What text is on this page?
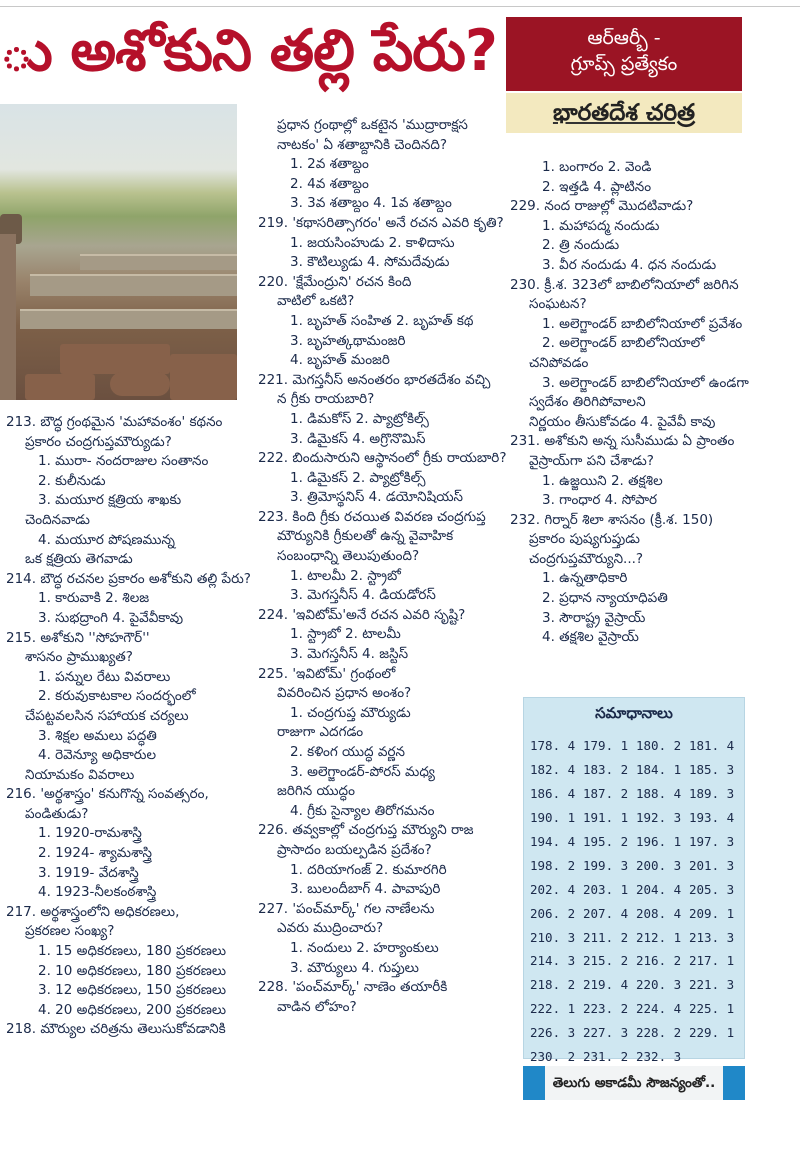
ు అశోకుని తల్లి పేరు?	ఆర్ఆర్బీ -
గ్రూప్స్ ప్రత్యేకం
భారతదేశ చరిత్ర
213. బౌద్ధ గ్రంథమైన 'మహావంశం' కథనం
ప్రకారం చంద్రగుప్తమౌర్యుడు?
1. మురా- నందరాజుల సంతానం
2. కులీనుడు
3. మయూర క్షత్రియ శాఖకు
చెందినవాడు
4. మయూర పోషణమున్న
ఒక క్షత్రియ తెగవాడు
214. బౌద్ధ రచనల ప్రకారం అశోకుని తల్లి పేరు?
1. కారువాకి 2. శిలజ
3. సుభద్రాంగి 4. పైవేవీకావు
215. అశోకుని ''సోహగౌర్''
శాసనం ప్రాముఖ్యత?
1. పన్నుల రేటు వివరాలు
2. కరువుకాటకాల సందర్భంలో
చేపట్టవలసిన సహాయక చర్యలు
3. శిక్షల అమలు పద్ధతి
4. రెవెన్యూ అధికారుల
నియామకం వివరాలు
216. 'అర్థశాస్త్రం' కనుగొన్న సంవత్సరం,
పండితుడు?
1. 1920-రామశాస్త్రి
2. 1924- శ్యామశాస్త్రి
3. 1919- వేదశాస్త్రి
4. 1923-నీలకంఠశాస్త్రి
217. అర్థశాస్త్రంలోని అధికరణలు,
ప్రకరణల సంఖ్య?
1. 15 అధికరణలు, 180 ప్రకరణలు
2. 10 అధికరణలు, 180 ప్రకరణలు
3. 12 అధికరణలు, 150 ప్రకరణలు
4. 20 అధికరణలు, 200 ప్రకరణలు
218. మౌర్యుల చరిత్రను తెలుసుకోవడానికి
ప్రధాన గ్రంథాల్లో ఒకటైన 'ముద్రారాక్షస
నాటకం' ఏ శతాబ్దానికి చెందినది?
1. 2వ శతాబ్దం
2. 4వ శతాబ్దం
3. 3వ శతాబ్దం 4. 1వ శతాబ్దం
219. 'కథాసరిత్సాగరం' అనే రచన ఎవరి కృతి?
1. జయసింహుడు 2. కాళిదాసు
3. కౌటిల్యుడు 4. సోమదేవుడు
220. 'క్షేమేంద్రుని' రచన కింది
వాటిలో ఒకటి?
1. బృహత్ సంహిత 2. బృహత్ కథ
3. బృహత్కథామంజరి
4. బృహత్ మంజరి
221. మెగస్తనీస్ అనంతరం భారతదేశం వచ్చి
న గ్రీకు రాయబారి?
1. డిమకోస్ 2. ప్యాట్రోకిల్స్
3. డిమైకస్ 4. అగ్రొనొమిస్
222. బిందుసారుని ఆస్థానంలో గ్రీకు రాయబారి?
1. డిమైకస్ 2. ప్యాట్రోకిల్స్
3. త్రిమోస్థనిస్ 4. డయోనిషియస్
223. కింది గ్రీకు రచయిత వివరణ చంద్రగుప్త
మౌర్యునికి గ్రీకులతో ఉన్న వైవాహిక
సంబంధాన్ని తెలుపుతుంది?
1. టాలమీ 2. స్ట్రాబో
3. మెగస్తనీస్ 4. డియడోరస్
224. 'ఇవిటోమ్'అనే రచన ఎవరి సృష్టి?
1. స్ట్రాబో 2. టాలమీ
3. మెగస్తనీస్ 4. జస్టిస్
225. 'ఇవిటోమ్' గ్రంథంలో
వివరించిన ప్రధాన అంశం?
1. చంద్రగుప్త మౌర్యుడు
రాజుగా ఎదగడం
2. కళింగ యుద్ధ వర్ణన
3. అలెగ్జాండర్-పోరస్ మధ్య
జరిగిన యుద్ధం
4. గ్రీకు సైన్యాల తిరోగమనం
226. తవ్వకాల్లో చంద్రగుప్త మౌర్యుని రాజ
ప్రాసాదం బయల్పడిన ప్రదేశం?
1. దరియాగంజ్ 2. కుమారగిరి
3. బులందీబాగ్ 4. పావాపురి
227. 'పంచ్‌మార్క్' గల నాణేలను
ఎవరు ముద్రించారు?
1. నందులు 2. హర్యాంకులు
3. మౌర్యులు 4. గుప్తులు
228. 'పంచ్‌మార్క్' నాణెం తయారీకి
వాడిన లోహం?
1. బంగారం 2. వెండి
2. ఇత్తడి 4. ప్లాటినం
229. నంద రాజుల్లో మొదటివాడు?
1. మహాపద్మ నందుడు
2. త్రి నందుడు
3. వీర నందుడు 4. ధన నందుడు
230. క్రీ.శ. 323లో బాబిలోనియాలో జరిగిన
సంఘటన?
1. అలెగ్జాండర్ బాబిలోనియాలో ప్రవేశం
2. అలెగ్జాండర్ బాబిలోనియాలో
చనిపోవడం
3. అలెగ్జాండర్ బాబిలోనియాలో ఉండగా
స్వదేశం తిరిగిపోవాలని
నిర్ణయం తీసుకోవడం 4. పైవేవీ కావు
231. అశోకుని అన్న సుసీముడు ఏ ప్రాంతం
వైస్రాయ్‌గా పని చేశాడు?
1. ఉజ్జయిని 2. తక్షశిల
3. గాంధార 4. సోపార
232. గిర్నార్ శిలా శాసనం (క్రీ.శ. 150)
ప్రకారం పుష్యగుప్తుడు
చంద్రగుప్తమౌర్యుని...?
1. ఉన్నతాధికారి
2. ప్రధాన న్యాయాధిపతి
3. సౌరాష్ట్ర వైస్రాయ్
4. తక్షశిల వైస్రాయ్
సమాధానాలు
178. 4	179. 1	180. 2	181. 4
182. 4	183. 2	184. 1	185. 3
186. 4	187. 2	188. 4	189. 3
190. 1	191. 1	192. 3	193. 4
194. 4	195. 2	196. 1	197. 3
198. 2	199. 3	200. 3	201. 3
202. 4	203. 1	204. 4	205. 3
206. 2	207. 4	208. 4	209. 1
210. 3	211. 2	212. 1	213. 3
214. 3	215. 2	216. 2	217. 1
218. 2	219. 4	220. 3	221. 3
222. 1	223. 2	224. 4	225. 1
226. 3	227. 3	228. 2	229. 1
230. 2	231. 2	232. 3	
తెలుగు అకాడమీ సౌజన్యంతో..
